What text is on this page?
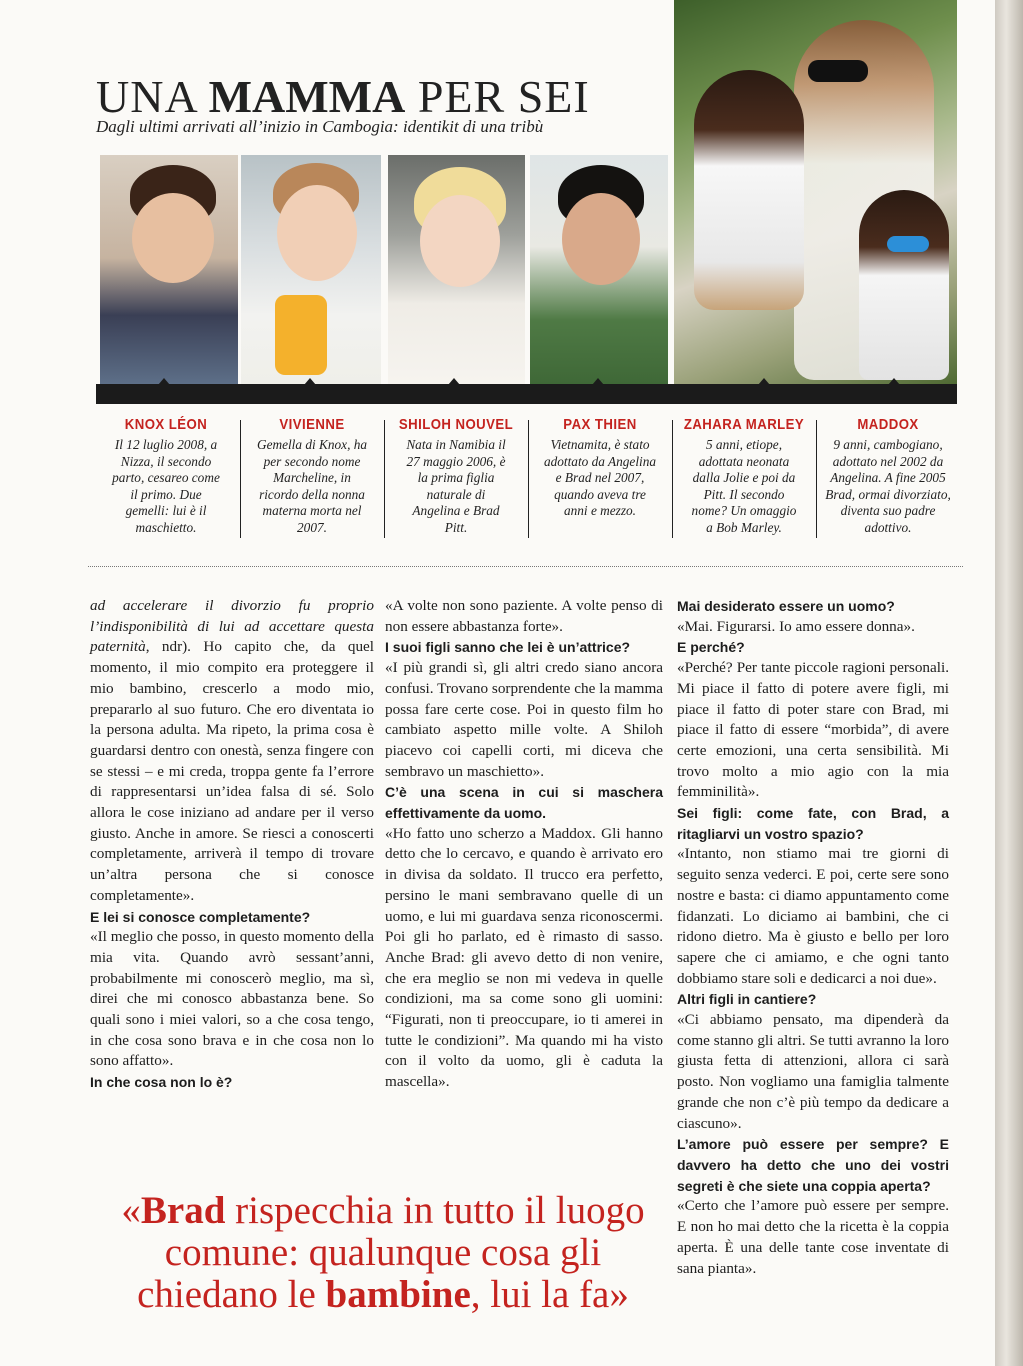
UNA MAMMA PER SEI
Dagli ultimi arrivati all’inizio in Cambogia: identikit di una tribù
KNOX LÉON
Il 12 luglio 2008, a Nizza, il secondo parto, cesareo come il primo. Due gemelli: lui è il maschietto.
VIVIENNE
Gemella di Knox, ha per secondo nome Marcheline, in ricordo della nonna materna morta nel 2007.
SHILOH NOUVEL
Nata in Namibia il 27 maggio 2006, è la prima figlia naturale di Angelina e Brad Pitt.
PAX THIEN
Vietnamita, è stato adottato da Angelina e Brad nel 2007, quando aveva tre anni e mezzo.
ZAHARA MARLEY
5 anni, etiope, adottata neonata dalla Jolie e poi da Pitt. Il secondo nome? Un omaggio a Bob Marley.
MADDOX
9 anni, cambogiano, adottato nel 2002 da Angelina. A fine 2005 Brad, ormai divorziato, diventa suo padre adottivo.

ad accelerare il divorzio fu proprio l’indisponibilità di lui ad accettare questa paternità, ndr). Ho capito che, da quel momento, il mio compito era proteggere il mio bambino, crescerlo a modo mio, prepararlo al suo futuro. Che ero diventata io la persona adulta. Ma ripeto, la prima cosa è guardarsi dentro con onestà, senza fingere con se stessi – e mi creda, troppa gente fa l’errore di rappresentarsi un’idea falsa di sé. Solo allora le cose iniziano ad andare per il verso giusto. Anche in amore. Se riesci a conoscerti completamente, arriverà il tempo di trovare un’altra persona che si conosce completamente».

E lei si conosce completamente?

«Il meglio che posso, in questo momento della mia vita. Quando avrò sessant’anni, probabilmente mi conoscerò meglio, ma sì, direi che mi conosco abbastanza bene. So quali sono i miei valori, so a che cosa tengo, in che cosa sono brava e in che cosa non lo sono affatto».

In che cosa non lo è?

«A volte non sono paziente. A volte penso di non essere abbastanza forte».

I suoi figli sanno che lei è un’attrice?

«I più grandi sì, gli altri credo siano ancora confusi. Trovano sorprendente che la mamma possa fare certe cose. Poi in questo film ho cambiato aspetto mille volte. A Shiloh piacevo coi capelli corti, mi diceva che sembravo un maschietto».

C’è una scena in cui si maschera effettivamente da uomo.

«Ho fatto uno scherzo a Maddox. Gli hanno detto che lo cercavo, e quando è arrivato ero in divisa da soldato. Il trucco era perfetto, persino le mani sembravano quelle di un uomo, e lui mi guardava senza riconoscermi. Poi gli ho parlato, ed è rimasto di sasso. Anche Brad: gli avevo detto di non venire, che era meglio se non mi vedeva in quelle condizioni, ma sa come sono gli uomini: “Figurati, non ti preoccupare, io ti amerei in tutte le condizioni”. Ma quando mi ha visto con il volto da uomo, gli è caduta la mascella».

Mai desiderato essere un uomo?

«Mai. Figurarsi. Io amo essere donna».

E perché?

«Perché? Per tante piccole ragioni personali. Mi piace il fatto di potere avere figli, mi piace il fatto di poter stare con Brad, mi piace il fatto di essere “morbida”, di avere certe emozioni, una certa sensibilità. Mi trovo molto a mio agio con la mia femminilità».

Sei figli: come fate, con Brad, a ritagliarvi un vostro spazio?

«Intanto, non stiamo mai tre giorni di seguito senza vederci. E poi, certe sere sono nostre e basta: ci diamo appuntamento come fidanzati. Lo diciamo ai bambini, che ci ridono dietro. Ma è giusto e bello per loro sapere che ci amiamo, e che ogni tanto dobbiamo stare soli e dedicarci a noi due».

Altri figli in cantiere?

«Ci abbiamo pensato, ma dipenderà da come stanno gli altri. Se tutti avranno la loro giusta fetta di attenzioni, allora ci sarà posto. Non vogliamo una famiglia talmente grande che non c’è più tempo da dedicare a ciascuno».

L’amore può essere per sempre? E davvero ha detto che uno dei vostri segreti è che siete una coppia aperta?

«Certo che l’amore può essere per sempre. E non ho mai detto che la ricetta è la coppia aperta. È una delle tante cose inventate di sana pianta».

«Brad rispecchia in tutto il luogo comune: qualunque cosa gli chiedano le bambine, lui la fa»
